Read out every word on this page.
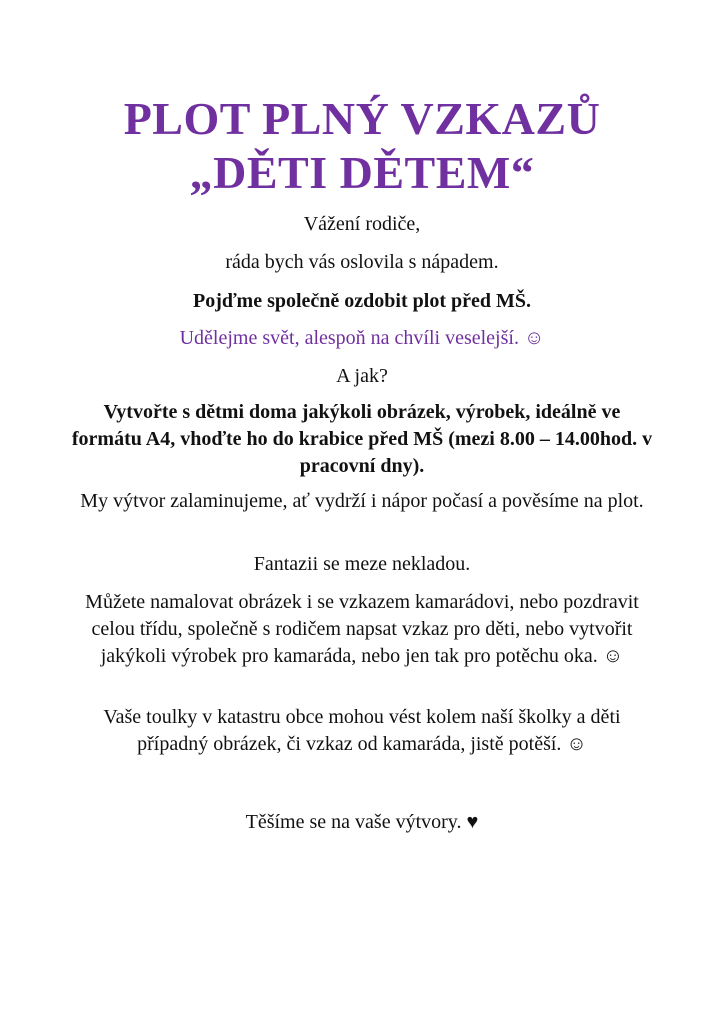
PLOT PLNÝ VZKAZŮ
„DĚTI DĚTEM“

Vážení rodiče,

ráda bych vás oslovila s nápadem.

Pojďme společně ozdobit plot před MŠ.

Udělejme svět, alespoň na chvíli veselejší. ☺

A jak?

Vytvořte s dětmi doma jakýkoli obrázek, výrobek, ideálně ve formátu A4, vhoďte ho do krabice před MŠ (mezi 8.00 – 14.00hod. v pracovní dny).

My výtvor zalaminujeme, ať vydrží i nápor počasí a pověsíme na plot.

Fantazii se meze nekladou.

Můžete namalovat obrázek i se vzkazem kamarádovi, nebo pozdravit celou třídu, společně s rodičem napsat vzkaz pro děti, nebo vytvořit jakýkoli výrobek pro kamaráda, nebo jen tak pro potěchu oka. ☺

Vaše toulky v katastru obce mohou vést kolem naší školky a děti případný obrázek, či vzkaz od kamaráda, jistě potěší. ☺

Těšíme se na vaše výtvory. ♥
